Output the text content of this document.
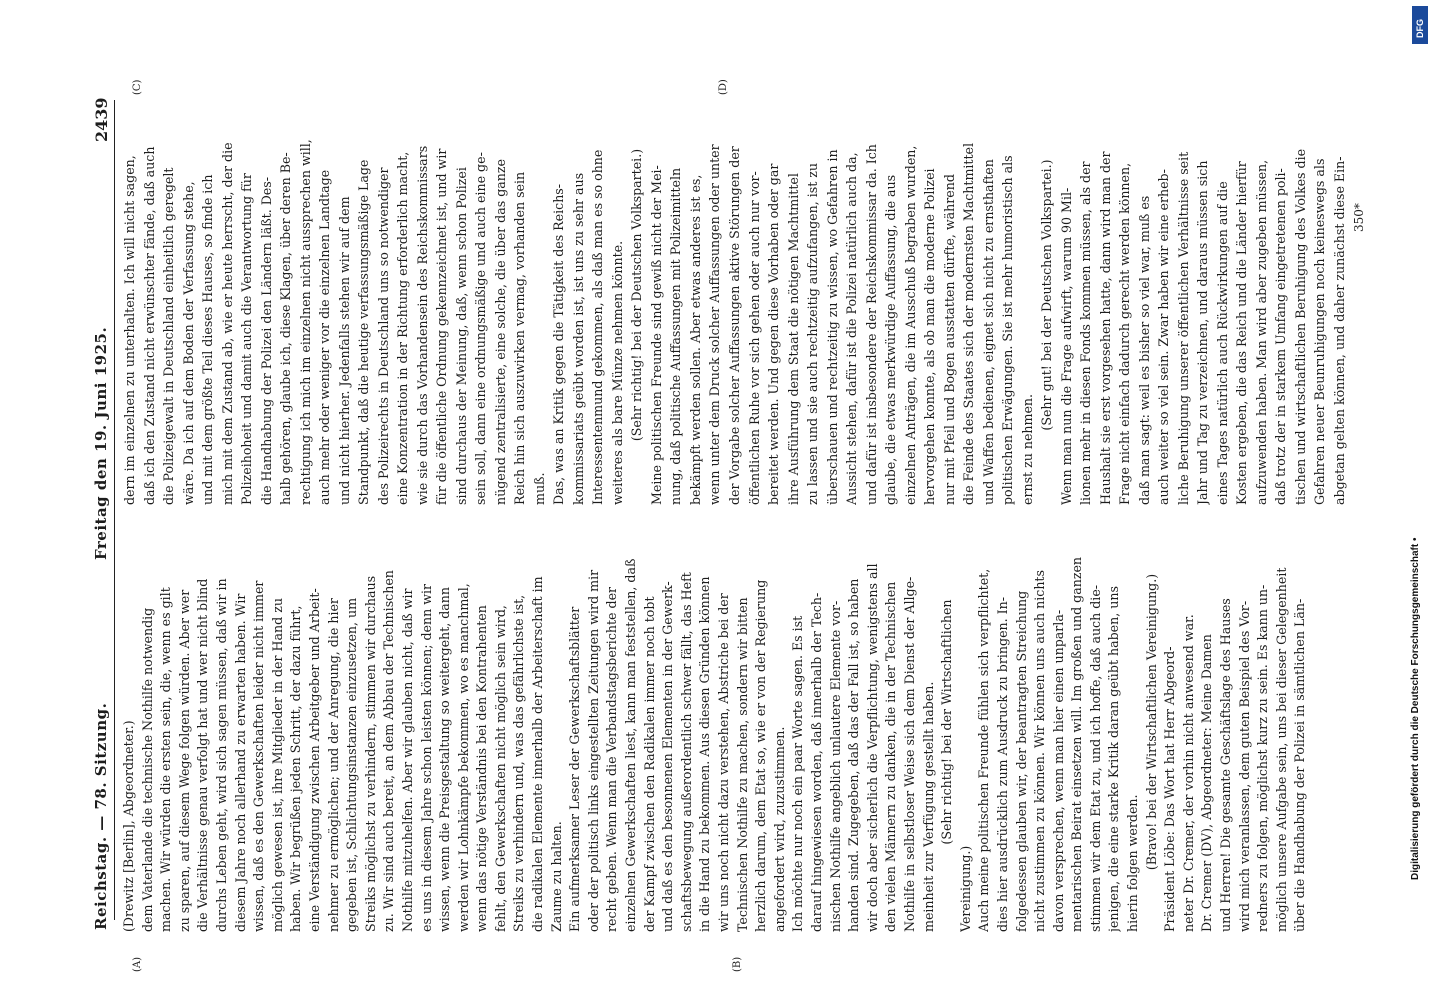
Reichstag. — 78. Sitzung.
Freitag den 19. Juni 1925.
2439
(A)	(B)
(C)	(D)

(Drewitz [Berlin], Abgeordneter.) dem Vaterlande die technische Nothilfe notwendig machen. Wir würden die ersten sein, die, wenn es gilt zu sparen, auf diesem Wege folgen würden. Aber wer die Verhältnisse genau verfolgt hat und wer nicht blind durchs Leben geht, wird sich sagen müssen, daß wir in diesem Jahre noch allerhand zu erwarten haben. Wir wissen, daß es den Gewerkschaften leider nicht immer möglich gewesen ist, ihre Mitglieder in der Hand zu haben. Wir begrüßen jeden Schritt, der dazu führt, eine Verständigung zwischen Arbeitgeber und Arbeit- nehmer zu ermöglichen; und der Anregung, die hier gegeben ist, Schlichtungsinstanzen einzusetzen, um Streiks möglichst zu verhindern, stimmen wir durchaus zu. Wir sind auch bereit, an dem Abbau der Technischen Nothilfe mitzuhelfen. Aber wir glauben nicht, daß wir es uns in diesem Jahre schon leisten können; denn wir wissen, wenn die Preisgestaltung so weitergeht, dann werden wir Lohnkämpfe bekommen, wo es manchmal, wenn das nötige Verständnis bei den Kontrahenten fehlt, den Gewerkschaften nicht möglich sein wird, Streiks zu verhindern und, was das gefährlichste ist, die radikalen Elemente innerhalb der Arbeiterschaft im Zaume zu halten. Ein aufmerksamer Leser der Gewerkschaftsblätter oder der politisch links eingestellten Zeitungen wird mir recht geben. Wenn man die Verbandstagsberichte der einzelnen Gewerkschaften liest, kann man feststellen, daß der Kampf zwischen den Radikalen immer noch tobt und daß es den besonnenen Elementen in der Gewerk- schaftsbewegung außerordentlich schwer fällt, das Heft in die Hand zu bekommen. Aus diesen Gründen können wir uns noch nicht dazu verstehen, Abstriche bei der Technischen Nothilfe zu machen, sondern wir bitten herzlich darum, dem Etat so, wie er von der Regierung angefordert wird, zuzustimmen. Ich möchte nur noch ein paar Worte sagen. Es ist darauf hingewiesen worden, daß innerhalb der Tech- nischen Nothilfe angeblich unlautere Elemente vor- handen sind. Zugegeben, daß das der Fall ist, so haben wir doch aber sicherlich die Verpflichtung, wenigstens all den vielen Männern zu danken, die in der Technischen Nothilfe in selbstloser Weise sich dem Dienst der Allge- meinheit zur Verfügung gestellt haben. (Sehr richtig! bei der Wirtschaftlichen

Vereinigung.) Auch meine politischen Freunde fühlen sich verpflichtet, dies hier ausdrücklich zum Ausdruck zu bringen. In- folgedessen glauben wir, der beantragten Streichung nicht zustimmen zu können. Wir können uns auch nichts davon versprechen, wenn man hier einen unparla- mentarischen Beirat einsetzen will. Im großen und ganzen stimmen wir dem Etat zu, und ich hoffe, daß auch die- jenigen, die eine starke Kritik daran geübt haben, uns hierin folgen werden. (Bravo! bei der Wirtschaftlichen Vereinigung.) Präsident Löbe: Das Wort hat Herr Abgeord- neter Dr. Cremer, der vorhin nicht anwesend war. Dr. Cremer (DV), Abgeordneter: Meine Damen und Herren! Die gesamte Geschäftslage des Hauses wird mich veranlassen, dem guten Beispiel des Vor- redners zu folgen, möglichst kurz zu sein. Es kann un- möglich unsere Aufgabe sein, uns bei dieser Gelegenheit über die Handhabung der Polizei in sämtlichen Län-

dern im einzelnen zu unterhalten. Ich will nicht sagen, daß ich den Zustand nicht erwünschter fände, daß auch die Polizeigewalt in Deutschland einheitlich geregelt wäre. Da ich auf dem Boden der Verfassung stehe, und mit dem größte Teil dieses Hauses, so finde ich mich mit dem Zustand ab, wie er heute herrscht, der die Polizeihoheit und damit auch die Verantwortung für die Handhabung der Polizei den Ländern läßt. Des- halb gehören, glaube ich, diese Klagen, über deren Be- rechtigung ich mich im einzelnen nicht aussprechen will, auch mehr oder weniger vor die einzelnen Landtage und nicht hierher. Jedenfalls stehen wir auf dem Standpunkt, daß die heutige verfassungsmäßige Lage des Polizeirechts in Deutschland uns so notwendiger eine Konzentration in der Richtung erforderlich macht, wie sie durch das Vorhandensein des Reichskommissars für die öffentliche Ordnung gekennzeichnet ist, und wir sind durchaus der Meinung, daß, wenn schon Polizei sein soll, dann eine ordnungsmäßige und auch eine ge- nügend zentralisierte, eine solche, die über das ganze Reich hin sich auszuwirken vermag, vorhanden sein muß. Das, was an Kritik gegen die Tätigkeit des Reichs- kommissariats geübt worden ist, ist uns zu sehr aus Interessentenmund gekommen, als daß man es so ohne weiteres als bare Münze nehmen könnte. (Sehr richtig! bei der Deutschen Volkspartei.) Meine politischen Freunde sind gewiß nicht der Mei- nung, daß politische Auffassungen mit Polizeimitteln bekämpft werden sollen. Aber etwas anderes ist es, wenn unter dem Druck solcher Auffassungen oder unter der Vorgabe solcher Auffassungen aktive Störungen der öffentlichen Ruhe vor sich gehen oder auch nur vor- bereitet werden. Und gegen diese Vorhaben oder gar ihre Ausführung dem Staat die nötigen Machtmittel zu lassen und sie auch rechtzeitig aufzufangen, ist zu überschauen und rechtzeitig zu wissen, wo Gefahren in Aussicht stehen, dafür ist die Polizei natürlich auch da, und dafür ist insbesondere der Reichskommissar da. Ich glaube, die etwas merkwürdige Auffassung, die aus einzelnen Anträgen, die im Ausschuß begraben wurden, hervorgehen konnte, als ob man die moderne Polizei nur mit Pfeil und Bogen ausstatten dürfte, während die Feinde des Staates sich der modernsten Machtmittel und Waffen bedienen, eignet sich nicht zu ernsthaften politischen Erwägungen. Sie ist mehr humoristisch als ernst zu nehmen.

(Sehr gut! bei der Deutschen Volkspartei.) Wenn man nun die Frage aufwirft, warum 90 Mil- lionen mehr in diesen Fonds kommen müssen, als der Haushalt sie erst vorgesehen hatte, dann wird man der Frage nicht einfach dadurch gerecht werden können, daß man sagt: weil es bisher so viel war, muß es auch weiter so viel sein. Zwar haben wir eine erheb- liche Beruhigung unserer öffentlichen Verhältnisse seit Jahr und Tag zu verzeichnen, und daraus müssen sich eines Tages natürlich auch Rückwirkungen auf die Kosten ergeben, die das Reich und die Länder hierfür aufzuwenden haben. Man wird aber zugeben müssen, daß trotz der in starkem Umfang eingetretenen poli- tischen und wirtschaftlichen Beruhigung des Volkes die Gefahren neuer Beunruhigungen noch keineswegs als abgetan gelten können, und daher zunächst diese Ein- 350*
Digitalisierung gefördert durch die Deutsche Forschungsgemeinschaft •
DFG
